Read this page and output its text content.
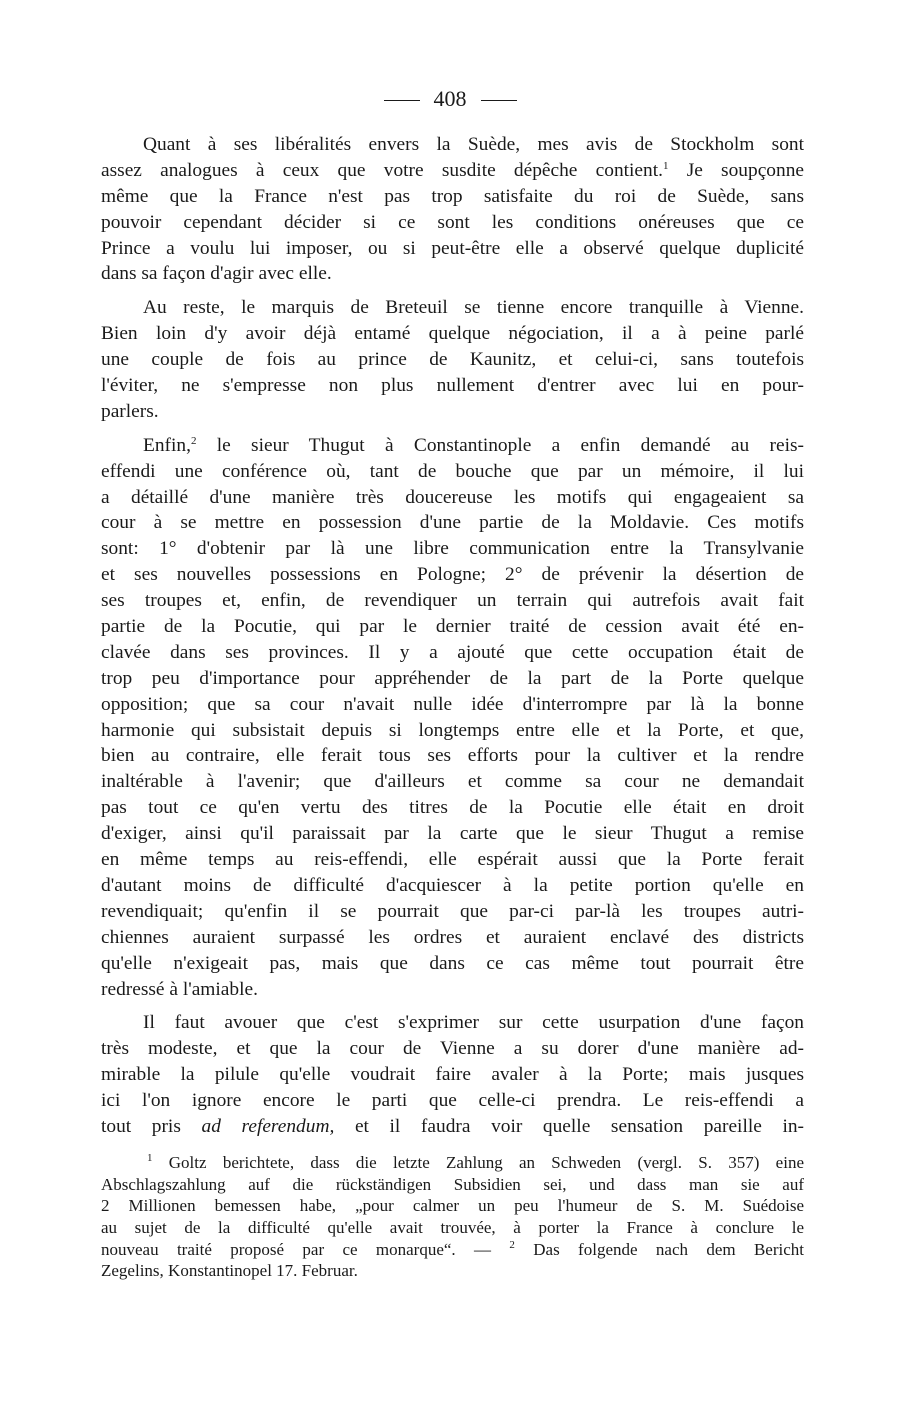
408
Quant à ses libéralités envers la Suède, mes avis de Stockholm sont
assez analogues à ceux que votre susdite dépêche contient.$^1$ Je soupçonne
même que la France n'est pas trop satisfaite du roi de Suède, sans
pouvoir cependant décider si ce sont les conditions onéreuses que ce
Prince a voulu lui imposer, ou si peut-être elle a observé quelque duplicité
dans sa façon d'agir avec elle.
Au reste, le marquis de Breteuil se tienne encore tranquille à Vienne.
Bien loin d'y avoir déjà entamé quelque négociation, il a à peine parlé
une couple de fois au prince de Kaunitz, et celui-ci, sans toutefois
l'éviter, ne s'empresse non plus nullement d'entrer avec lui en pour-
parlers.
Enfin,$^2$ le sieur Thugut à Constantinople a enfin demandé au reis-
effendi une conférence où, tant de bouche que par un mémoire, il lui
a détaillé d'une manière très doucereuse les motifs qui engageaient sa
cour à se mettre en possession d'une partie de la Moldavie. Ces motifs
sont: 1° d'obtenir par là une libre communication entre la Transylvanie
et ses nouvelles possessions en Pologne; 2° de prévenir la désertion de
ses troupes et, enfin, de revendiquer un terrain qui autrefois avait fait
partie de la Pocutie, qui par le dernier traité de cession avait été en-
clavée dans ses provinces. Il y a ajouté que cette occupation était de
trop peu d'importance pour appréhender de la part de la Porte quelque
opposition; que sa cour n'avait nulle idée d'interrompre par là la bonne
harmonie qui subsistait depuis si longtemps entre elle et la Porte, et que,
bien au contraire, elle ferait tous ses efforts pour la cultiver et la rendre
inaltérable à l'avenir; que d'ailleurs et comme sa cour ne demandait
pas tout ce qu'en vertu des titres de la Pocutie elle était en droit
d'exiger, ainsi qu'il paraissait par la carte que le sieur Thugut a remise
en même temps au reis-effendi, elle espérait aussi que la Porte ferait
d'autant moins de difficulté d'acquiescer à la petite portion qu'elle en
revendiquait; qu'enfin il se pourrait que par-ci par-là les troupes autri-
chiennes auraient surpassé les ordres et auraient enclavé des districts
qu'elle n'exigeait pas, mais que dans ce cas même tout pourrait être
redressé à l'amiable.
Il faut avouer que c'est s'exprimer sur cette usurpation d'une façon
très modeste, et que la cour de Vienne a su dorer d'une manière ad-
mirable la pilule qu'elle voudrait faire avaler à la Porte; mais jusques
ici l'on ignore encore le parti que celle-ci prendra. Le reis-effendi a
tout pris ad referendum, et il faudra voir quelle sensation pareille in-
$^1$ Goltz berichtete, dass die letzte Zahlung an Schweden (vergl. S. 357) eine
Abschlagszahlung auf die rückständigen Subsidien sei, und dass man sie auf
2 Millionen bemessen habe, „pour calmer un peu l'humeur de S. M. Suédoise
au sujet de la difficulté qu'elle avait trouvée, à porter la France à conclure le
nouveau traité proposé par ce monarque“. — $^2$ Das folgende nach dem Bericht
Zegelins, Konstantinopel 17. Februar.
